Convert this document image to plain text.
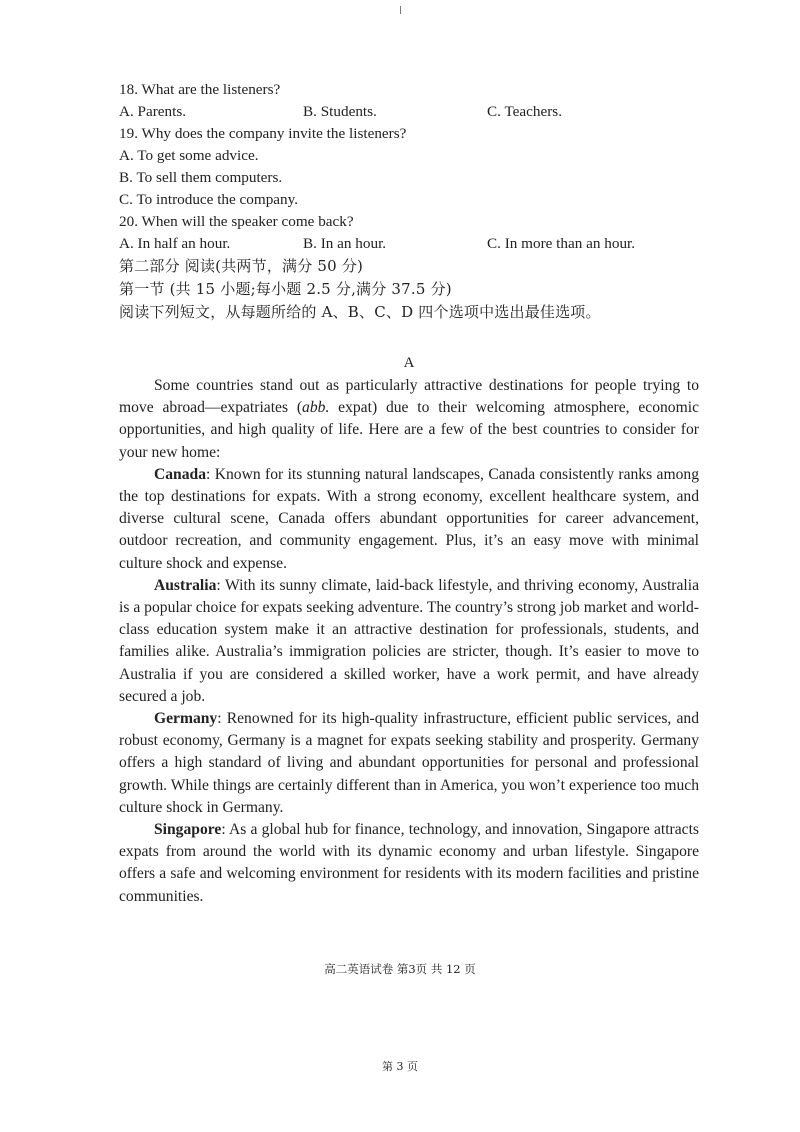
18. What are the listeners?
A. Parents.	B. Students.	C. Teachers.
19. Why does the company invite the listeners?
A. To get some advice.
B. To sell them computers.
C. To introduce the company.
20. When will the speaker come back?
A. In half an hour.	B. In an hour.	C. In more than an hour.
第二部分 阅读(共两节，满分 50 分)
第一节 (共 15 小题;每小题 2.5 分,满分 37.5 分)
阅读下列短文，从每题所给的 A、B、C、D 四个选项中选出最佳选项。
A
Some countries stand out as particularly attractive destinations for people trying to move abroad—expatriates (abb. expat) due to their welcoming atmosphere, economic opportunities, and high quality of life. Here are a few of the best countries to consider for your new home:
Canada: Known for its stunning natural landscapes, Canada consistently ranks among the top destinations for expats. With a strong economy, excellent healthcare system, and diverse cultural scene, Canada offers abundant opportunities for career advancement, outdoor recreation, and community engagement. Plus, it’s an easy move with minimal culture shock and expense.
Australia: With its sunny climate, laid-back lifestyle, and thriving economy, Australia is a popular choice for expats seeking adventure. The country’s strong job market and world-class education system make it an attractive destination for professionals, students, and families alike. Australia’s immigration policies are stricter, though. It’s easier to move to Australia if you are considered a skilled worker, have a work permit, and have already secured a job.
Germany: Renowned for its high-quality infrastructure, efficient public services, and robust economy, Germany is a magnet for expats seeking stability and prosperity. Germany offers a high standard of living and abundant opportunities for personal and professional growth. While things are certainly different than in America, you won’t experience too much culture shock in Germany.
Singapore: As a global hub for finance, technology, and innovation, Singapore attracts expats from around the world with its dynamic economy and urban lifestyle. Singapore offers a safe and welcoming environment for residents with its modern facilities and pristine communities.
高二英语试卷 第3页 共 12 页
第 3 页
